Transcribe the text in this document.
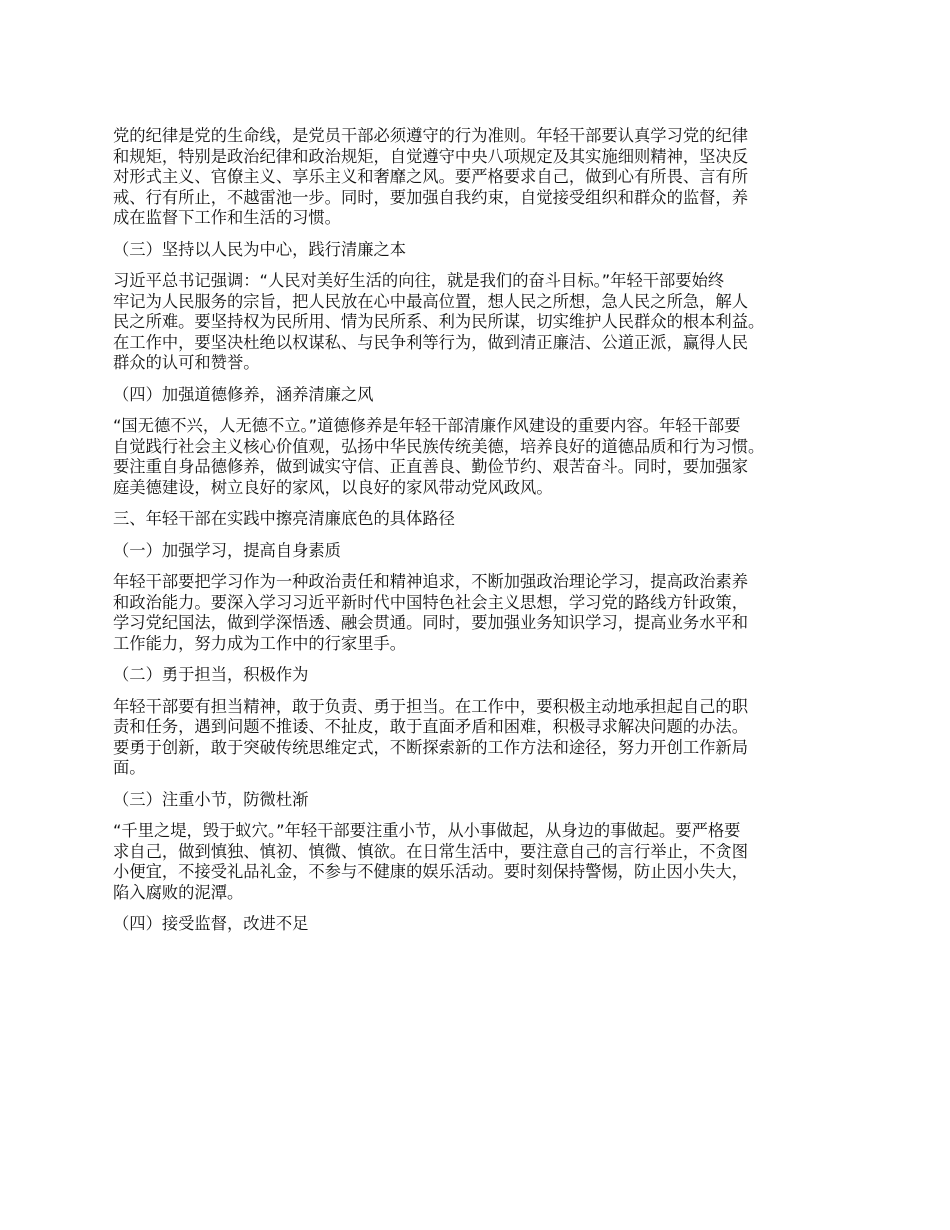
党的纪律是党的生命线，是党员干部必须遵守的行为准则。年轻干部要认真学习党的纪律
和规矩，特别是政治纪律和政治规矩，自觉遵守中央八项规定及其实施细则精神，坚决反
对形式主义、官僚主义、享乐主义和奢靡之风。要严格要求自己，做到心有所畏、言有所
戒、行有所止，不越雷池一步。同时，要加强自我约束，自觉接受组织和群众的监督，养
成在监督下工作和生活的习惯。

（三）坚持以人民为中心，践行清廉之本

习近平总书记强调：“人民对美好生活的向往，就是我们的奋斗目标。”年轻干部要始终
牢记为人民服务的宗旨，把人民放在心中最高位置，想人民之所想，急人民之所急，解人
民之所难。要坚持权为民所用、情为民所系、利为民所谋，切实维护人民群众的根本利益。
在工作中，要坚决杜绝以权谋私、与民争利等行为，做到清正廉洁、公道正派，赢得人民
群众的认可和赞誉。

（四）加强道德修养，涵养清廉之风

“国无德不兴，人无德不立。”道德修养是年轻干部清廉作风建设的重要内容。年轻干部要
自觉践行社会主义核心价值观，弘扬中华民族传统美德，培养良好的道德品质和行为习惯。
要注重自身品德修养，做到诚实守信、正直善良、勤俭节约、艰苦奋斗。同时，要加强家
庭美德建设，树立良好的家风，以良好的家风带动党风政风。

三、年轻干部在实践中擦亮清廉底色的具体路径

（一）加强学习，提高自身素质

年轻干部要把学习作为一种政治责任和精神追求，不断加强政治理论学习，提高政治素养
和政治能力。要深入学习习近平新时代中国特色社会主义思想，学习党的路线方针政策，
学习党纪国法，做到学深悟透、融会贯通。同时，要加强业务知识学习，提高业务水平和
工作能力，努力成为工作中的行家里手。

（二）勇于担当，积极作为

年轻干部要有担当精神，敢于负责、勇于担当。在工作中，要积极主动地承担起自己的职
责和任务，遇到问题不推诿、不扯皮，敢于直面矛盾和困难，积极寻求解决问题的办法。
要勇于创新，敢于突破传统思维定式，不断探索新的工作方法和途径，努力开创工作新局
面。

（三）注重小节，防微杜渐

“千里之堤，毁于蚁穴。”年轻干部要注重小节，从小事做起，从身边的事做起。要严格要
求自己，做到慎独、慎初、慎微、慎欲。在日常生活中，要注意自己的言行举止，不贪图
小便宜，不接受礼品礼金，不参与不健康的娱乐活动。要时刻保持警惕，防止因小失大，
陷入腐败的泥潭。

（四）接受监督，改进不足
